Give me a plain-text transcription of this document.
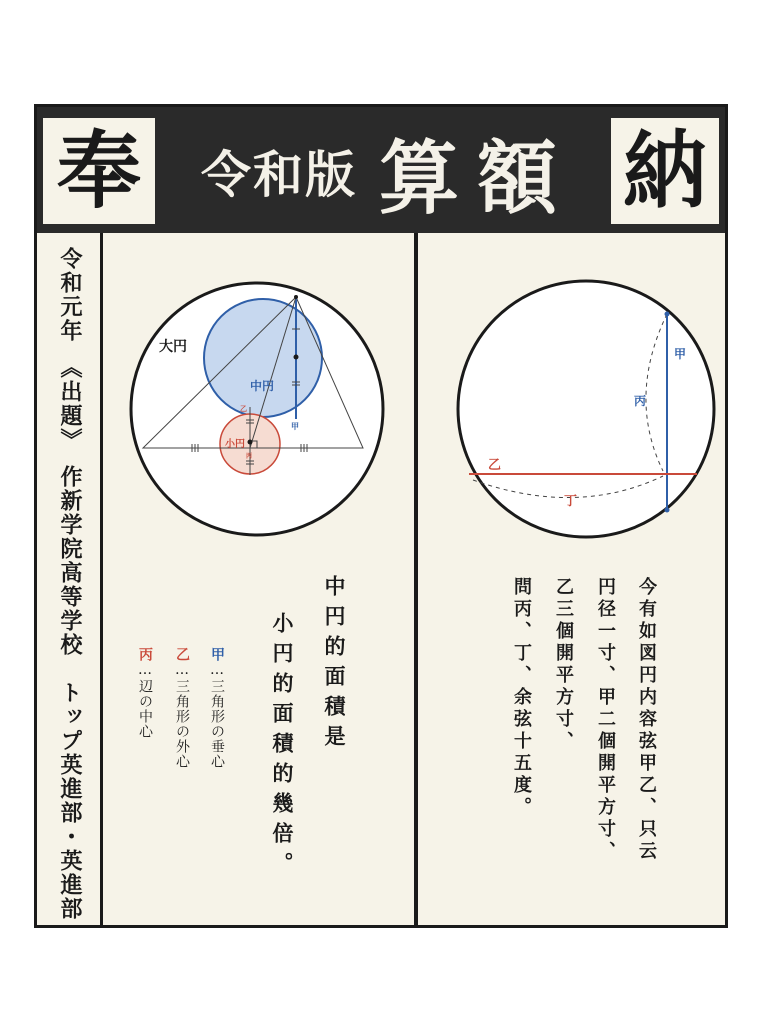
奉 令和版 算額 納
令和元年　《出題》　作新学院高等学校　トップ英進部・英進部	大円
中円
小円
甲
乙
丙
中円的面積是
小円的面積的幾倍。
甲…三角形の垂心
乙…三角形の外心
丙…辺の中心
甲
乙
丙
丁
今有如図円内容弦甲乙、只云
円径一寸、甲二個開平方寸、
乙三個開平方寸、
問丙、丁、余弦十五度。
